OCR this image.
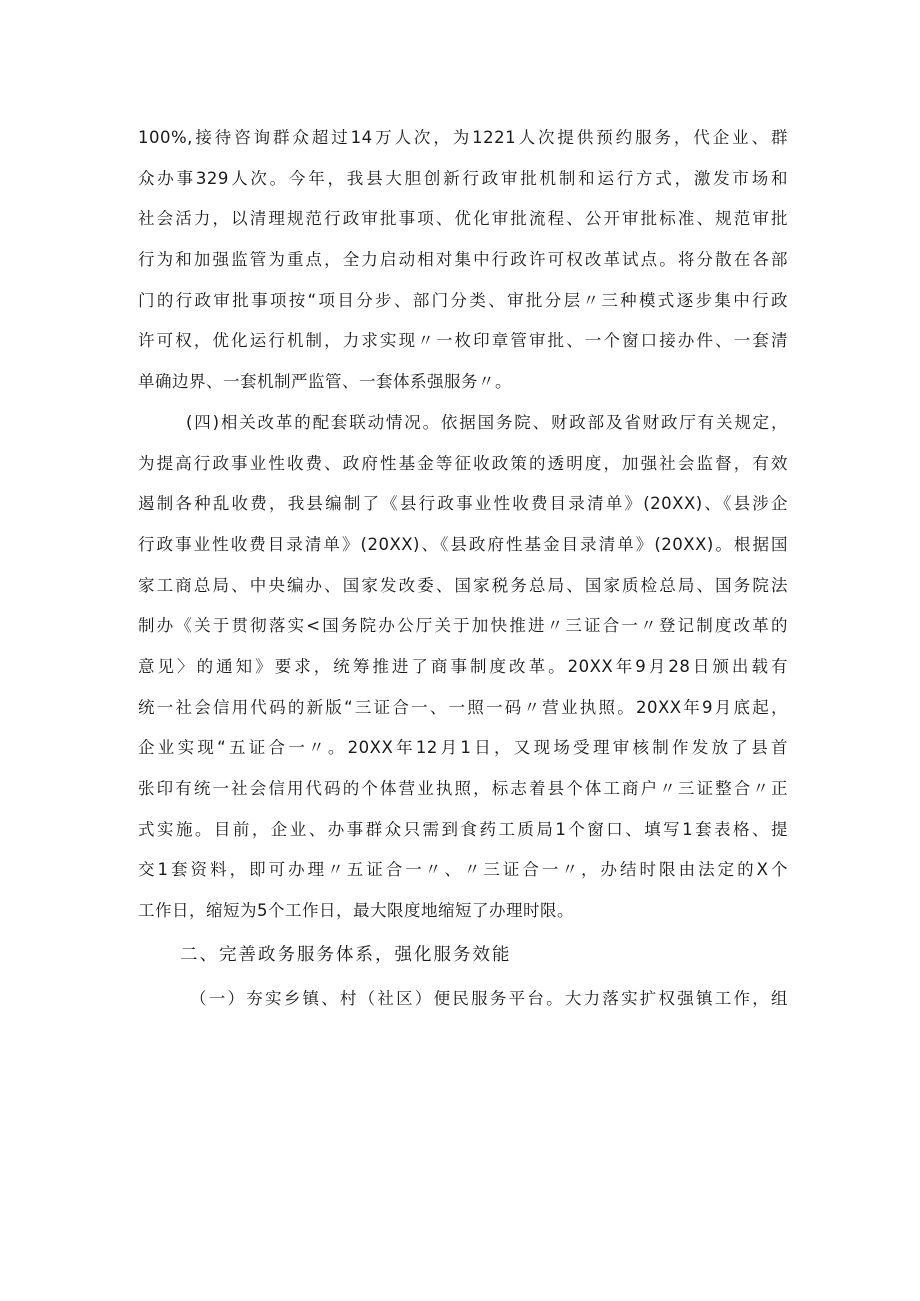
100%,接待咨询群众超过14万人次，为1221人次提供预约服务，代企业、群
众办事329人次。今年，我县大胆创新行政审批机制和运行方式，激发市场和
社会活力，以清理规范行政审批事项、优化审批流程、公开审批标准、规范审批
行为和加强监管为重点，全力启动相对集中行政许可权改革试点。将分散在各部
门的行政审批事项按“项目分步、部门分类、审批分层〃三种模式逐步集中行政
许可权，优化运行机制，力求实现〃一枚印章管审批、一个窗口接办件、一套清
单确边界、一套机制严监管、一套体系强服务〃。
(四)相关改革的配套联动情况。依据国务院、财政部及省财政厅有关规定，
为提高行政事业性收费、政府性基金等征收政策的透明度，加强社会监督，有效
遏制各种乱收费，我县编制了《县行政事业性收费目录清单》(20XX)、《县涉企
行政事业性收费目录清单》(20XX)、《县政府性基金目录清单》(20XX)。根据国
家工商总局、中央编办、国家发改委、国家税务总局、国家质检总局、国务院法
制办《关于贯彻落实<国务院办公厅关于加快推进〃三证合一〃登记制度改革的
意见〉的通知》要求，统筹推进了商事制度改革。20XX年9月28日颁出载有
统一社会信用代码的新版“三证合一、一照一码〃营业执照。20XX年9月底起，
企业实现“五证合一〃。20XX年12月1日，又现场受理审核制作发放了县首
张印有统一社会信用代码的个体营业执照，标志着县个体工商户〃三证整合〃正
式实施。目前，企业、办事群众只需到食药工质局1个窗口、填写1套表格、提
交1套资料，即可办理〃五证合一〃、〃三证合一〃，办结时限由法定的X个
工作日，缩短为5个工作日，最大限度地缩短了办理时限。
二、完善政务服务体系，强化服务效能
（一）夯实乡镇、村（社区）便民服务平台。大力落实扩权强镇工作，组
